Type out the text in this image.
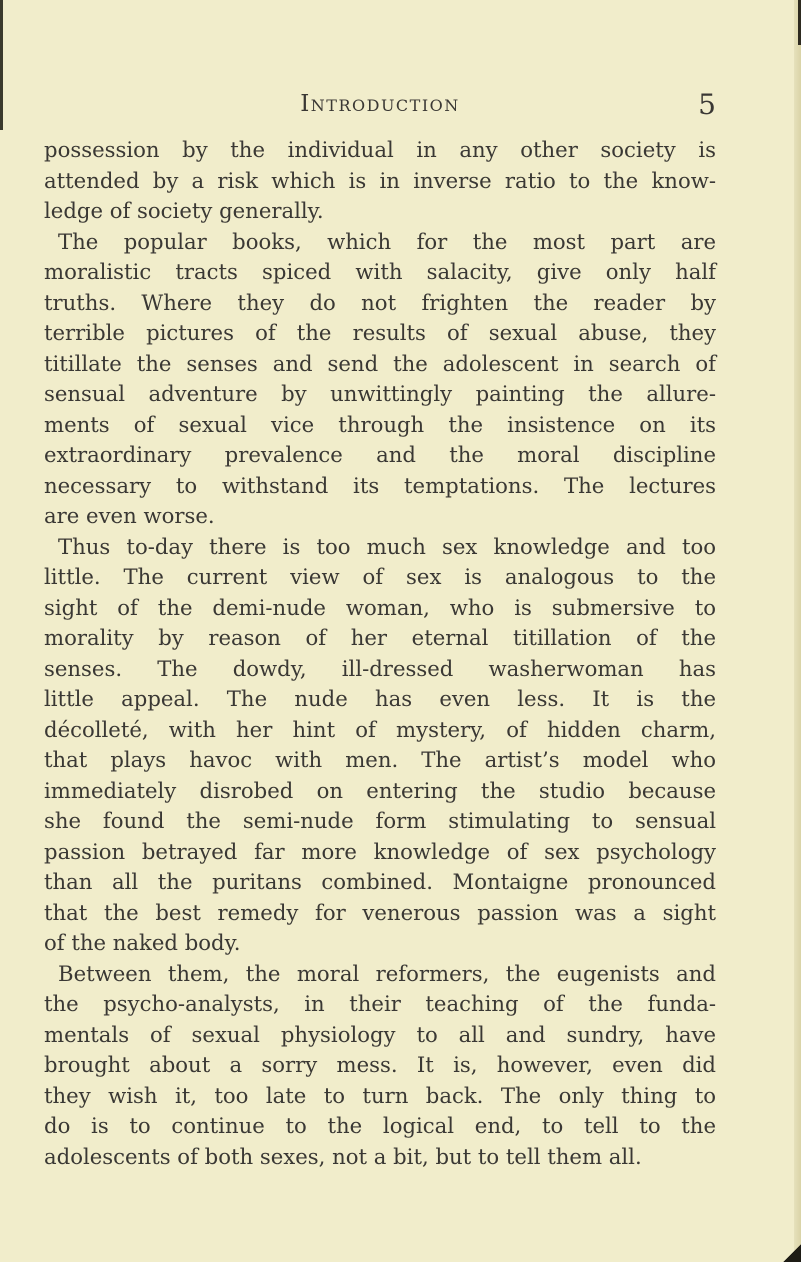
Introduction	5
possession by the individual in any other society is
attended by a risk which is in inverse ratio to the know-
ledge of society generally.
The popular books, which for the most part are
moralistic tracts spiced with salacity, give only half
truths. Where they do not frighten the reader by
terrible pictures of the results of sexual abuse, they
titillate the senses and send the adolescent in search of
sensual adventure by unwittingly painting the allure-
ments of sexual vice through the insistence on its
extraordinary prevalence and the moral discipline
necessary to withstand its temptations. The lectures
are even worse.
Thus to-day there is too much sex knowledge and too
little. The current view of sex is analogous to the
sight of the demi-nude woman, who is submersive to
morality by reason of her eternal titillation of the
senses. The dowdy, ill-dressed washerwoman has
little appeal. The nude has even less. It is the
décolleté, with her hint of mystery, of hidden charm,
that plays havoc with men. The artist’s model who
immediately disrobed on entering the studio because
she found the semi-nude form stimulating to sensual
passion betrayed far more knowledge of sex psychology
than all the puritans combined. Montaigne pronounced
that the best remedy for venerous passion was a sight
of the naked body.
Between them, the moral reformers, the eugenists and
the psycho-analysts, in their teaching of the funda-
mentals of sexual physiology to all and sundry, have
brought about a sorry mess. It is, however, even did
they wish it, too late to turn back. The only thing to
do is to continue to the logical end, to tell to the
adolescents of both sexes, not a bit, but to tell them all.
